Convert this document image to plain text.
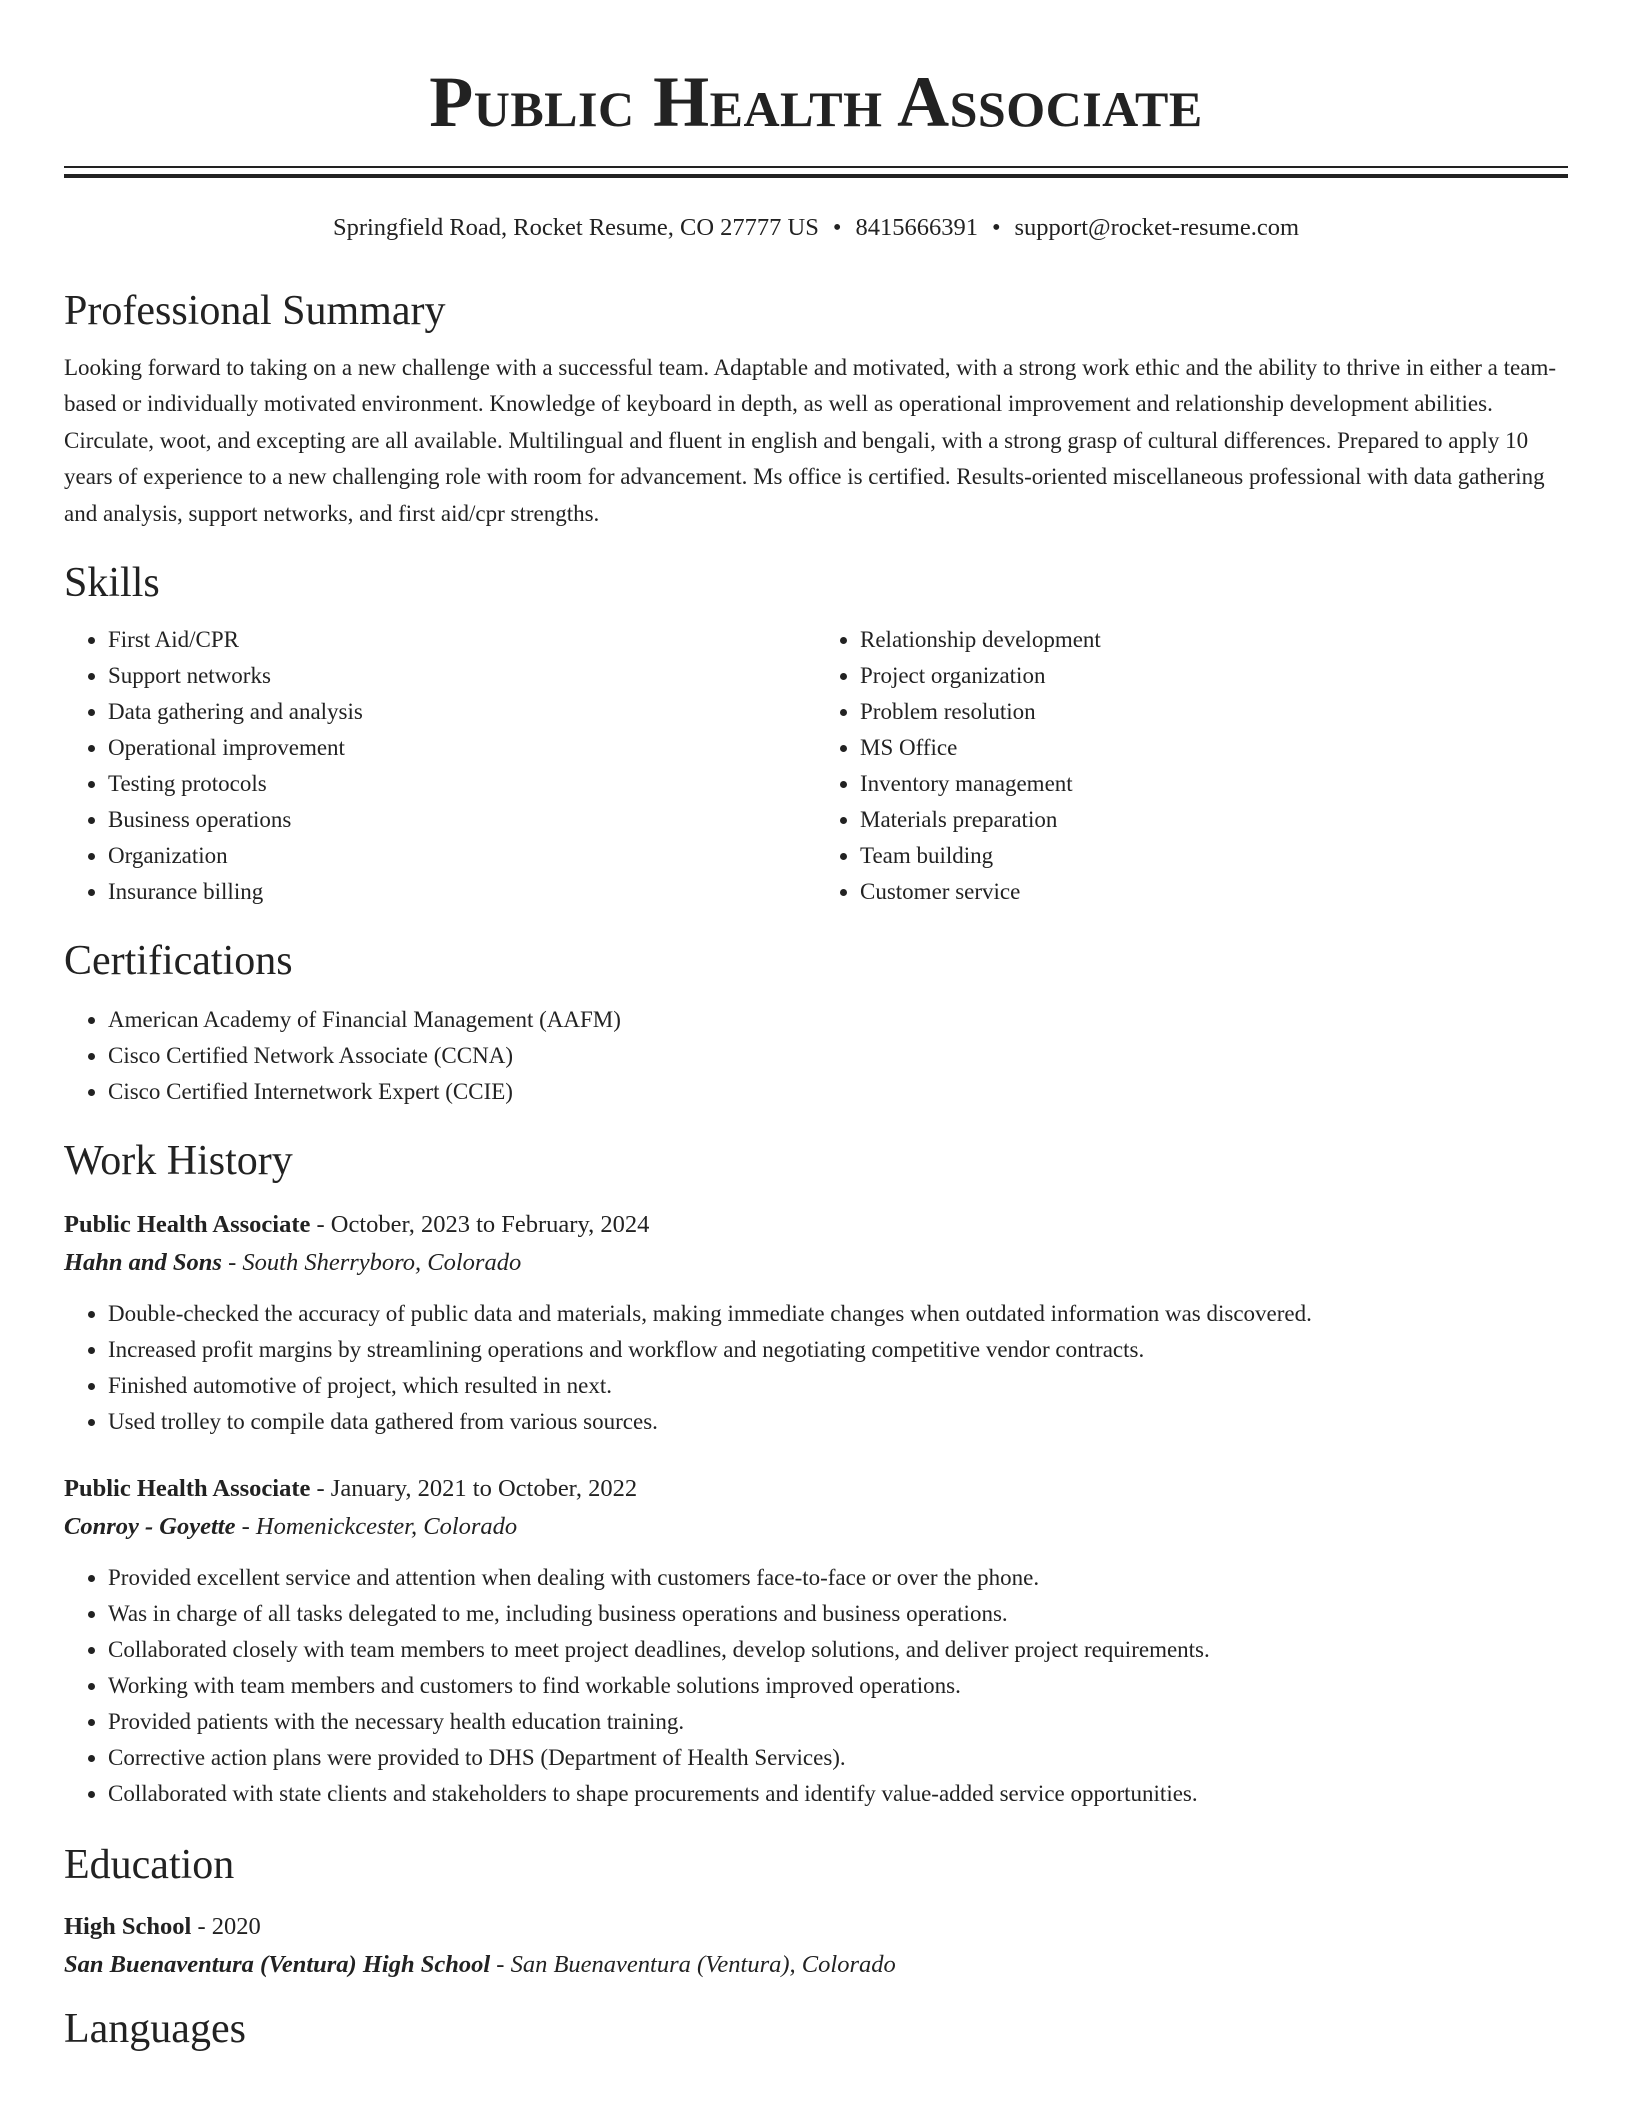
Public Health Associate
Springfield Road, Rocket Resume, CO 27777 US • 8415666391 • support@rocket-resume.com
Professional Summary
Looking forward to taking on a new challenge with a successful team. Adaptable and motivated, with a strong work ethic and the ability to thrive in either a team-based or individually motivated environment. Knowledge of keyboard in depth, as well as operational improvement and relationship development abilities. Circulate, woot, and excepting are all available. Multilingual and fluent in english and bengali, with a strong grasp of cultural differences. Prepared to apply 10 years of experience to a new challenging role with room for advancement. Ms office is certified. Results-oriented miscellaneous professional with data gathering and analysis, support networks, and first aid/cpr strengths.
Skills
• First Aid/CPR
• Support networks
• Data gathering and analysis
• Operational improvement
• Testing protocols
• Business operations
• Organization
• Insurance billing
• Relationship development
• Project organization
• Problem resolution
• MS Office
• Inventory management
• Materials preparation
• Team building
• Customer service
Certifications
• American Academy of Financial Management (AAFM)
• Cisco Certified Network Associate (CCNA)
• Cisco Certified Internetwork Expert (CCIE)
Work History
Public Health Associate - October, 2023 to February, 2024
Hahn and Sons - South Sherryboro, Colorado
• Double-checked the accuracy of public data and materials, making immediate changes when outdated information was discovered.
• Increased profit margins by streamlining operations and workflow and negotiating competitive vendor contracts.
• Finished automotive of project, which resulted in next.
• Used trolley to compile data gathered from various sources.
Public Health Associate - January, 2021 to October, 2022
Conroy - Goyette - Homenickcester, Colorado
• Provided excellent service and attention when dealing with customers face-to-face or over the phone.
• Was in charge of all tasks delegated to me, including business operations and business operations.
• Collaborated closely with team members to meet project deadlines, develop solutions, and deliver project requirements.
• Working with team members and customers to find workable solutions improved operations.
• Provided patients with the necessary health education training.
• Corrective action plans were provided to DHS (Department of Health Services).
• Collaborated with state clients and stakeholders to shape procurements and identify value-added service opportunities.
Education
High School - 2020
San Buenaventura (Ventura) High School - San Buenaventura (Ventura), Colorado
Languages
